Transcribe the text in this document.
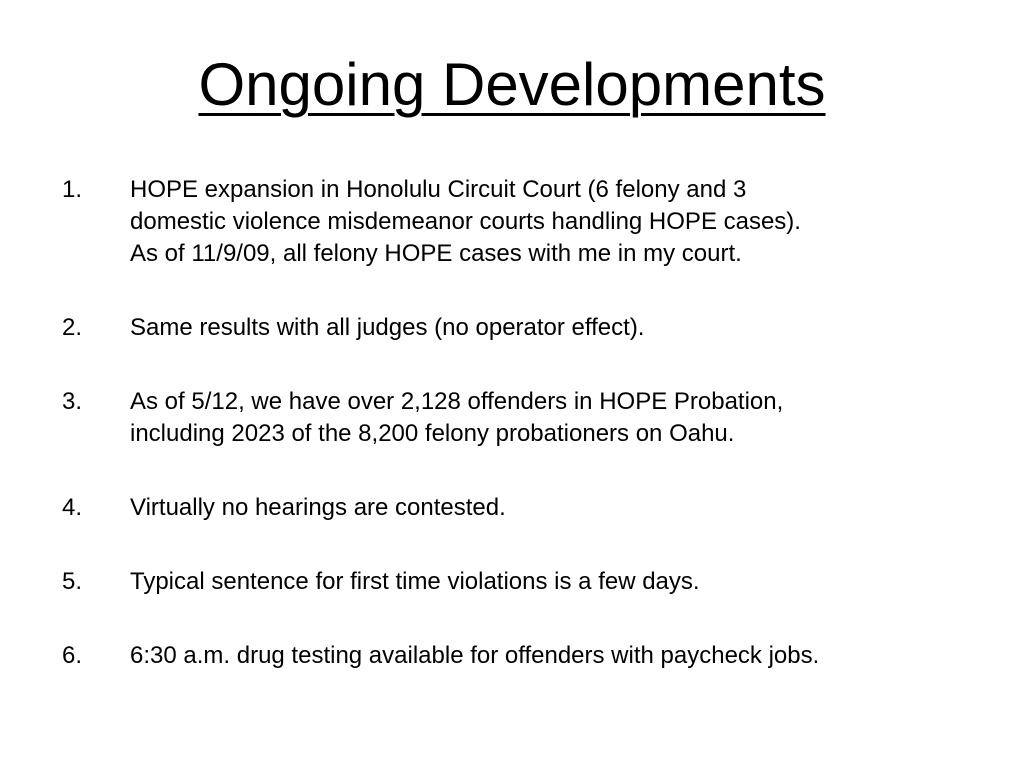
Ongoing Developments
1.	HOPE expansion in Honolulu Circuit Court (6 felony and 3
domestic violence misdemeanor courts handling HOPE cases).
As of 11/9/09, all felony HOPE cases with me in my court.
2.	Same results with all judges (no operator effect).
3.	As of 5/12, we have over 2,128 offenders in HOPE Probation,
including 2023 of the 8,200 felony probationers on Oahu.
4.	Virtually no hearings are contested.
5.	Typical sentence for first time violations is a few days.
6.	6:30 a.m. drug testing available for offenders with paycheck jobs.
